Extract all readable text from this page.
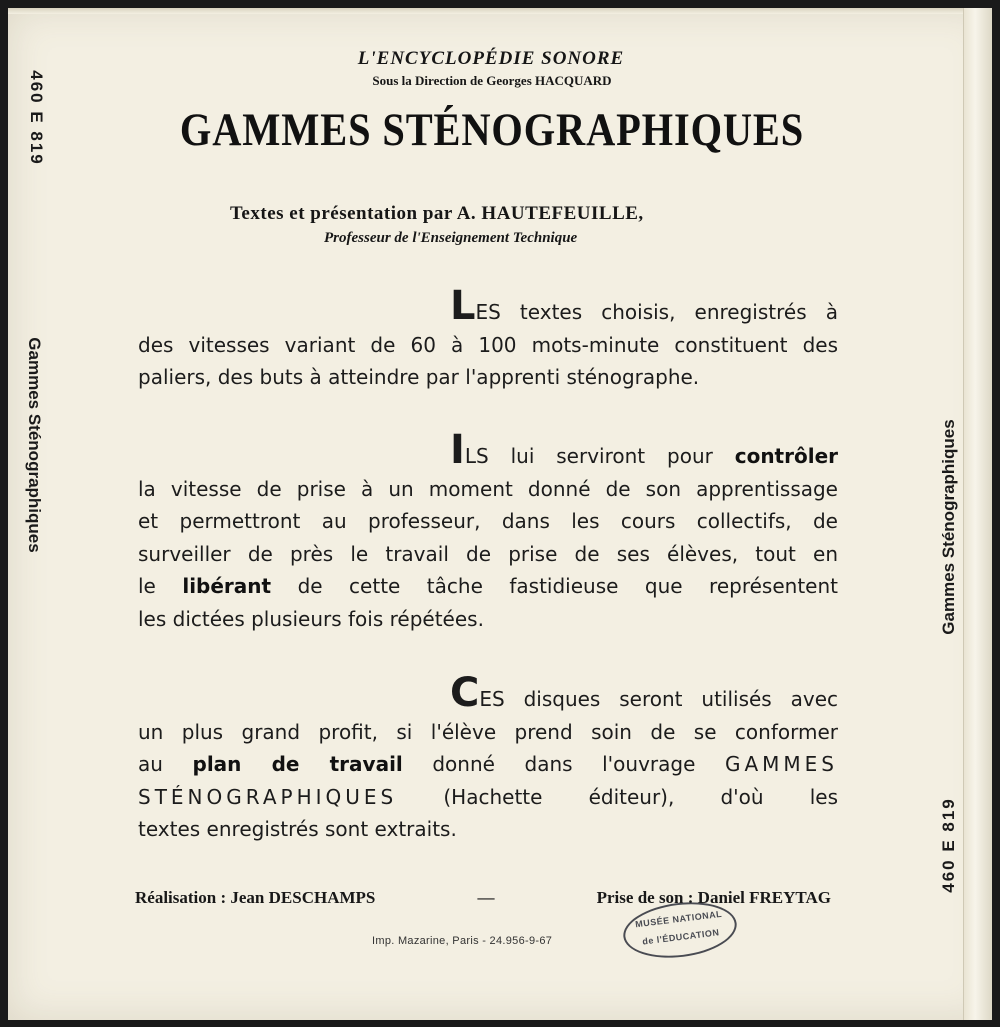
460 E 819
Gammes Sténographiques	Gammes Sténographiques
460 E 819
L'ENCYCLOPÉDIE SONORE
Sous la Direction de Georges HACQUARD
GAMMES STÉNOGRAPHIQUES
Textes et présentation par A. HAUTEFEUILLE,
Professeur de l'Enseignement Technique
LES textes choisis, enregistrés à
des vitesses variant de 60 à 100 mots-minute constituent des
paliers, des buts à atteindre par l'apprenti sténographe.
ILS lui serviront pour contrôler
la vitesse de prise à un moment donné de son apprentissage
et permettront au professeur, dans les cours collectifs, de
surveiller de près le travail de prise de ses élèves, tout en
le libérant de cette tâche fastidieuse que représentent
les dictées plusieurs fois répétées.
CES disques seront utilisés avec
un plus grand profit, si l'élève prend soin de se conformer
au plan de travail donné dans l'ouvrage GAMMES
STÉNOGRAPHIQUES (Hachette éditeur), d'où les
textes enregistrés sont extraits.
Réalisation : Jean DESCHAMPS	—	Prise de son : Daniel FREYTAG
Imp. Mazarine, Paris - 24.956-9-67
MUSÉE NATIONAL
de l'ÉDUCATION
